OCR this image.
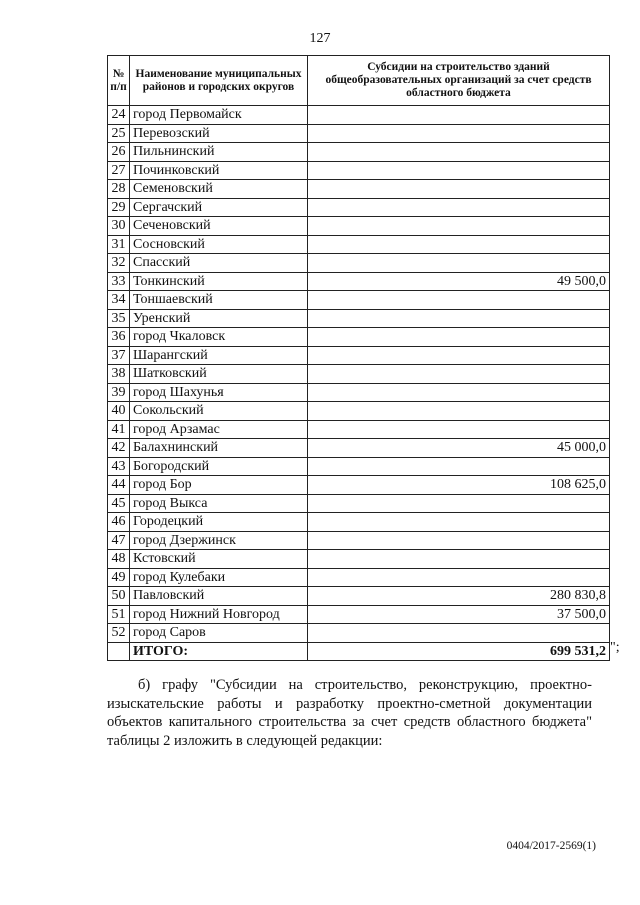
127
№ п/п	Наименование муниципальных районов и городских округов	Субсидии на строительство зданий общеобразовательных организаций за счет средств областного бюджета
24	город Первомайск	
25	Перевозский	
26	Пильнинский	
27	Починковский	
28	Семеновский	
29	Сергачский	
30	Сеченовский	
31	Сосновский	
32	Спасский	
33	Тонкинский	49 500,0
34	Тоншаевский	
35	Уренский	
36	город Чкаловск	
37	Шарангский	
38	Шатковский	
39	город Шахунья	
40	Сокольский	
41	город Арзамас	
42	Балахнинский	45 000,0
43	Богородский	
44	город Бор	108 625,0
45	город Выкса	
46	Городецкий	
47	город Дзержинск	
48	Кстовский	
49	город Кулебаки	
50	Павловский	280 830,8
51	город Нижний Новгород	37 500,0
52	город Саров	
	ИТОГО:	699 531,2 ";

б) графу "Субсидии на строительство, реконструкцию, проектно-изыскательские работы и разработку проектно-сметной документации объектов капитального строительства за счет средств областного бюджета" таблицы 2 изложить в следующей редакции:

0404/2017-2569(1)
